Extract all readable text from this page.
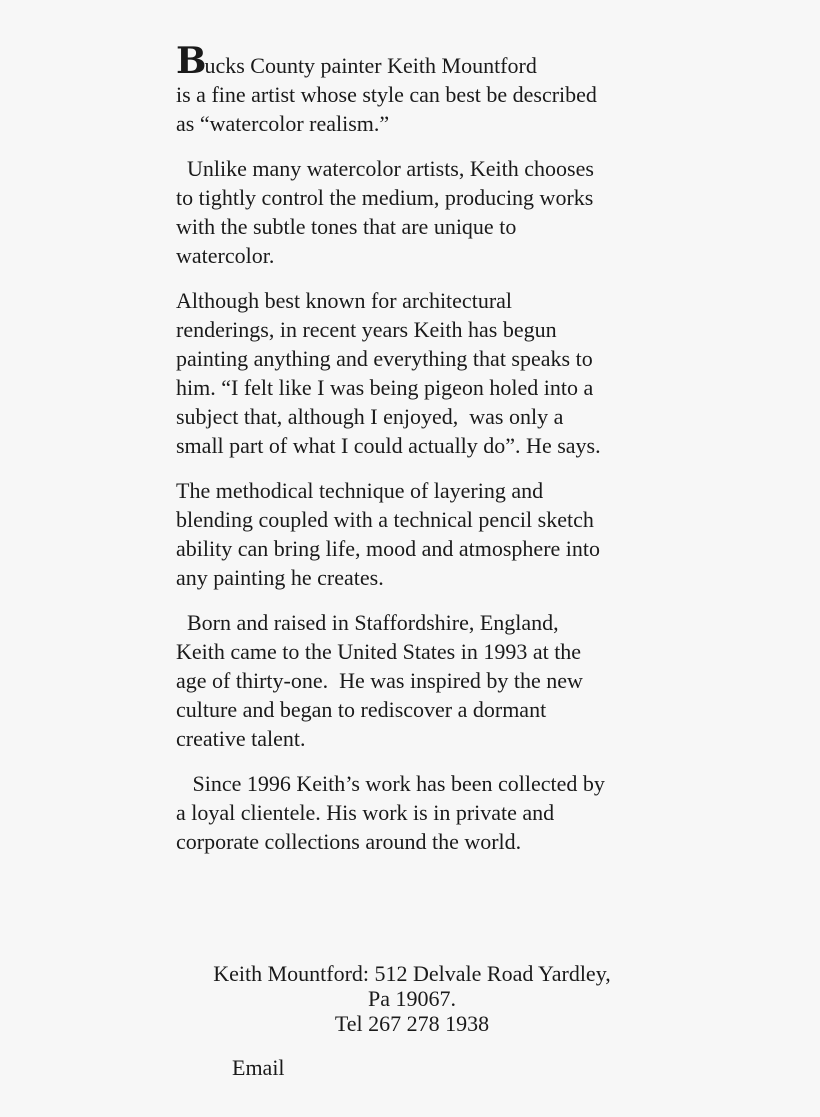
Bucks County painter Keith Mountford
is a fine artist whose style can best be described
as “watercolor realism.”
Unlike many watercolor artists, Keith chooses
to tightly control the medium, producing works
with the subtle tones that are unique to
watercolor.
Although best known for architectural
renderings, in recent years Keith has begun
painting anything and everything that speaks to
him. “I felt like I was being pigeon holed into a
subject that, although I enjoyed,  was only a
small part of what I could actually do”. He says.
The methodical technique of layering and
blending coupled with a technical pencil sketch
ability can bring life, mood and atmosphere into
any painting he creates.
Born and raised in Staffordshire, England,
Keith came to the United States in 1993 at the
age of thirty-one.  He was inspired by the new
culture and began to rediscover a dormant
creative talent.
Since 1996 Keith’s work has been collected by
a loyal clientele. His work is in private and
corporate collections around the world.
Keith Mountford: 512 Delvale Road Yardley,
Pa 19067.
Tel 267 278 1938
Email
